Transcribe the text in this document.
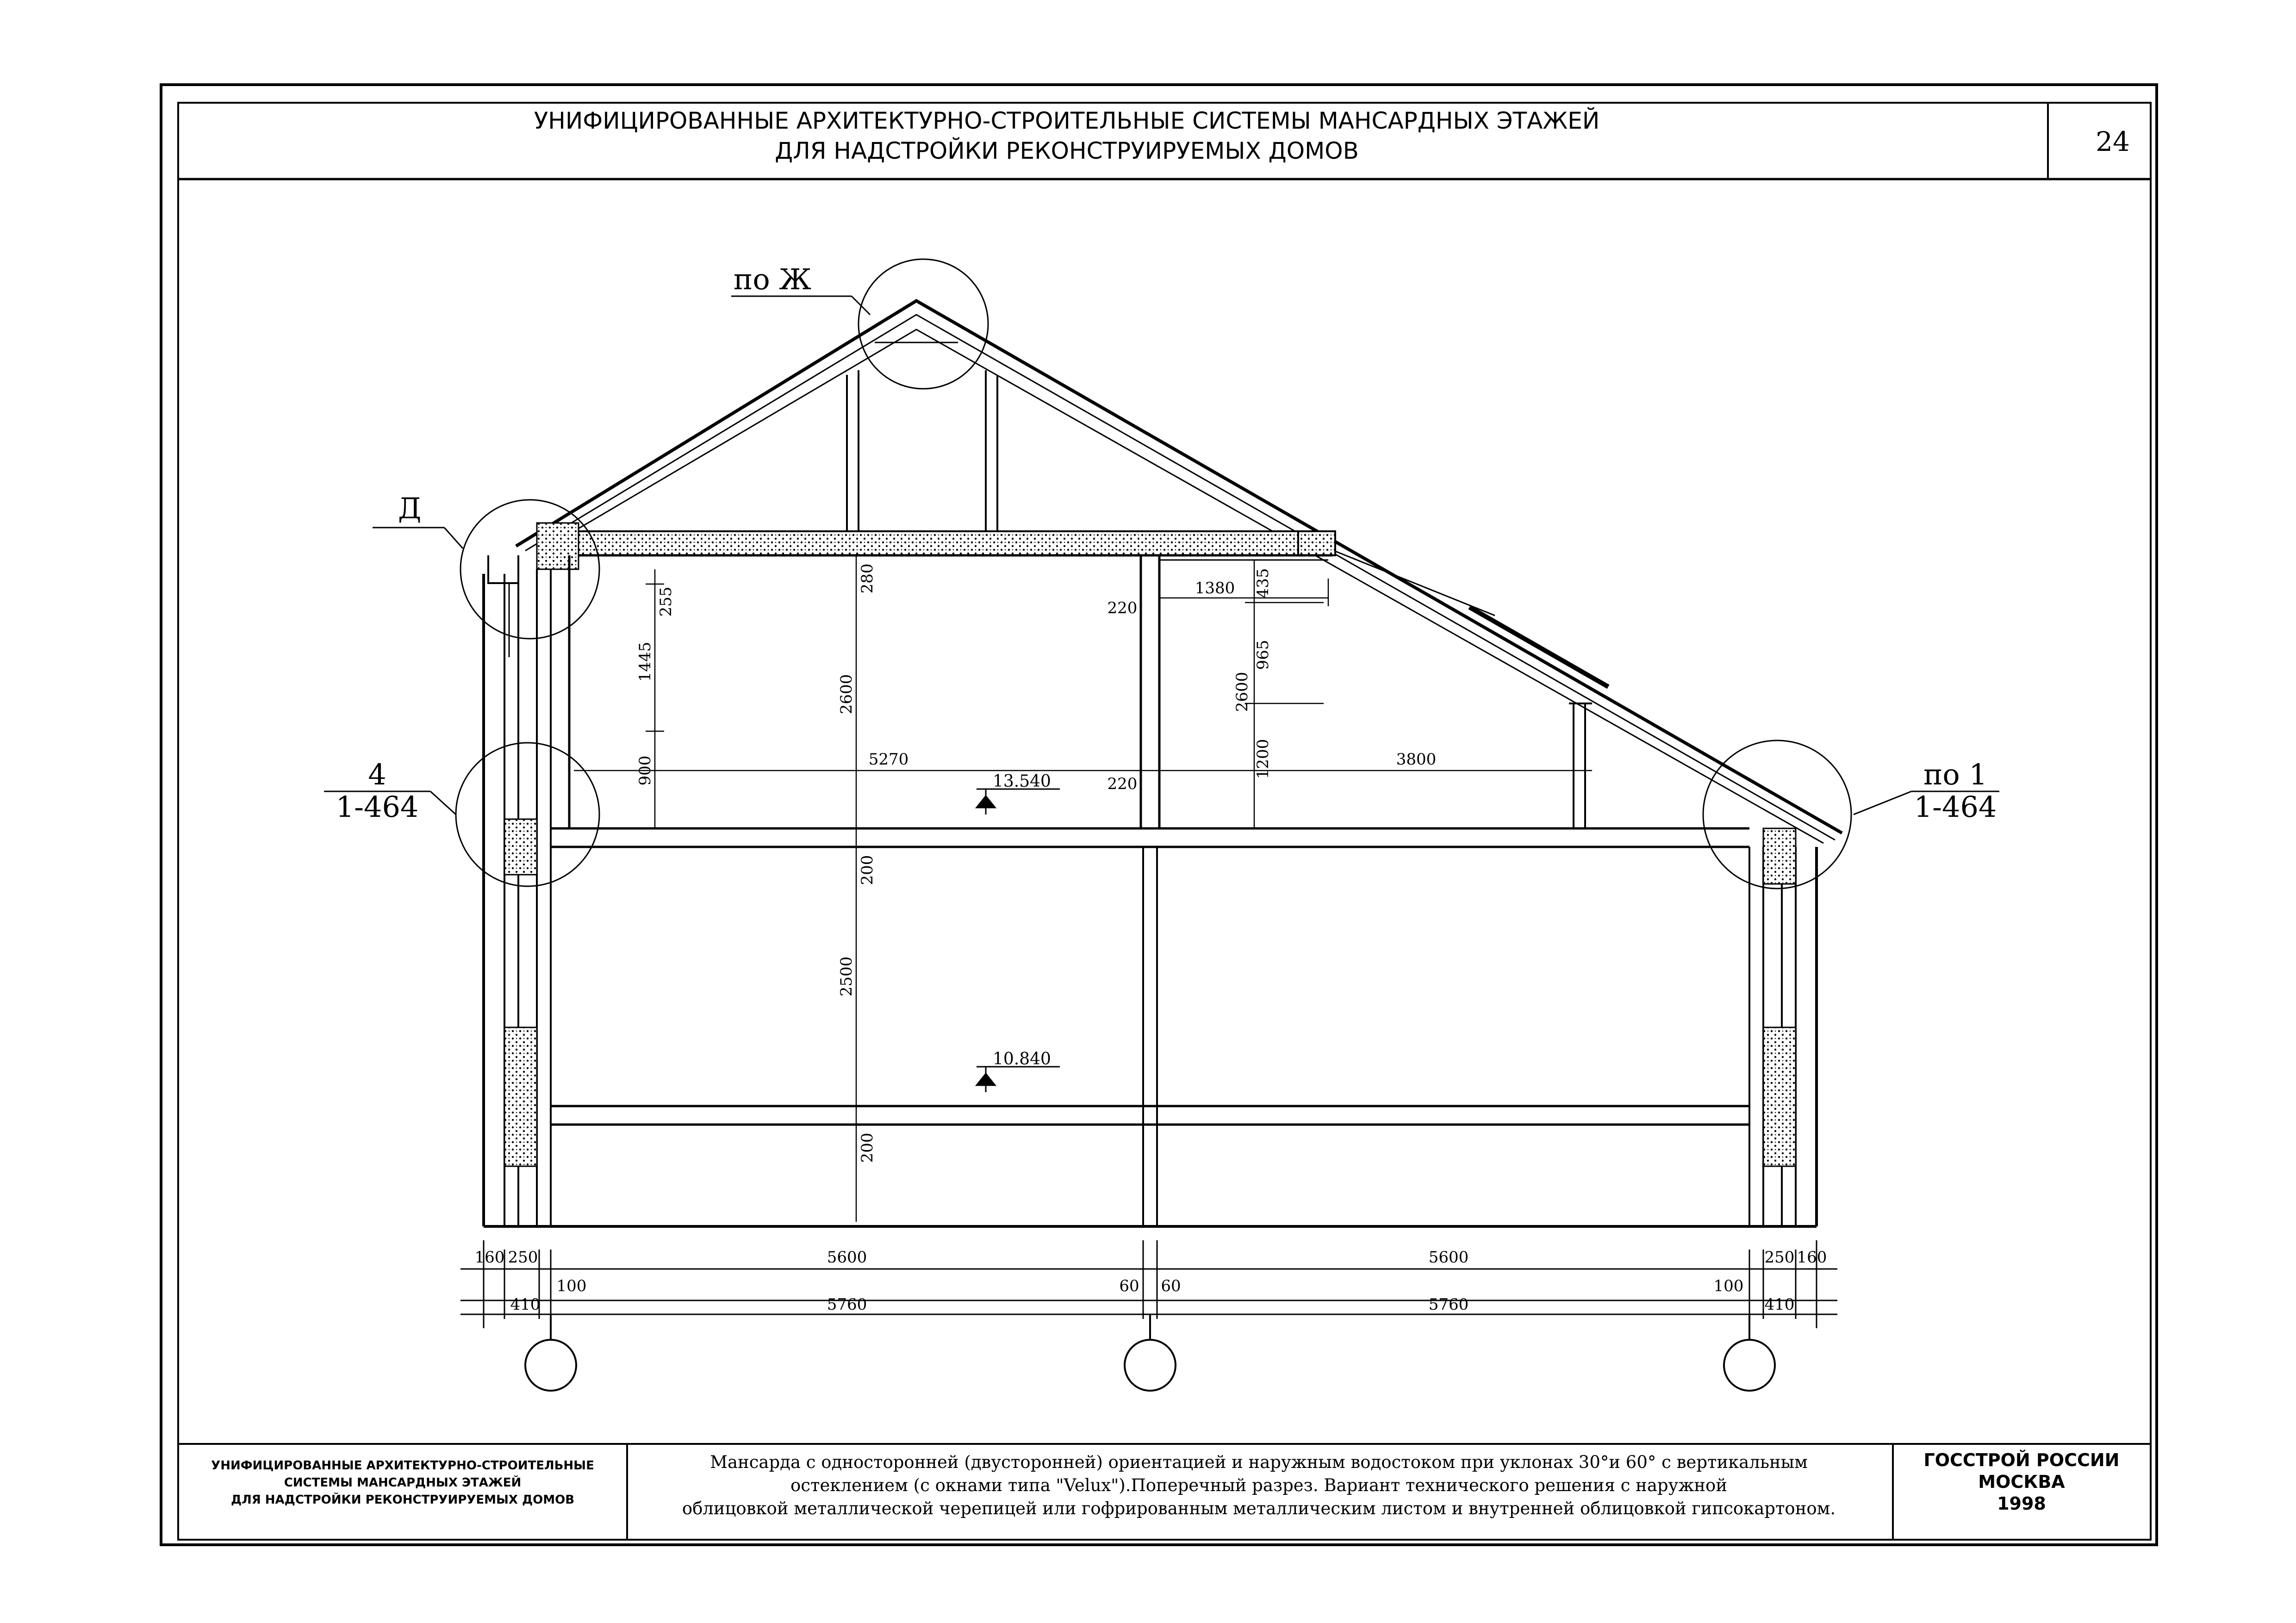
УНИФИЦИРОВАННЫЕ АРХИТЕКТУРНО-СТРОИТЕЛЬНЫЕ СИСТЕМЫ МАНСАРДНЫХ ЭТАЖЕЙ
ДЛЯ НАДСТРОЙКИ РЕКОНСТРУИРУЕМЫХ ДОМОВ	24
по Ж
Д
4
1-464
по 1
1-464
13.540
10.840
255
1445
900
280
2600
200
2500
200
435
965
2600
1200
1380
220
5270
220
3800
160 250	5600	5600	250 160
100	60 60	100
410	5760	5760	410
УНИФИЦИРОВАННЫЕ АРХИТЕКТУРНО-СТРОИТЕЛЬНЫЕ
СИСТЕМЫ МАНСАРДНЫХ ЭТАЖЕЙ
ДЛЯ НАДСТРОЙКИ РЕКОНСТРУИРУЕМЫХ ДОМОВ
Мансарда с односторонней (двусторонней) ориентацией и наружным водостоком при уклонах 30°и 60° с вертикальным
остеклением (с окнами типа "Velux").Поперечный разрез. Вариант технического решения с наружной
облицовкой металлической черепицей или гофрированным металлическим листом и внутренней облицовкой гипсокартоном.
ГОССТРОЙ РОССИИ
МОСКВА
1998
